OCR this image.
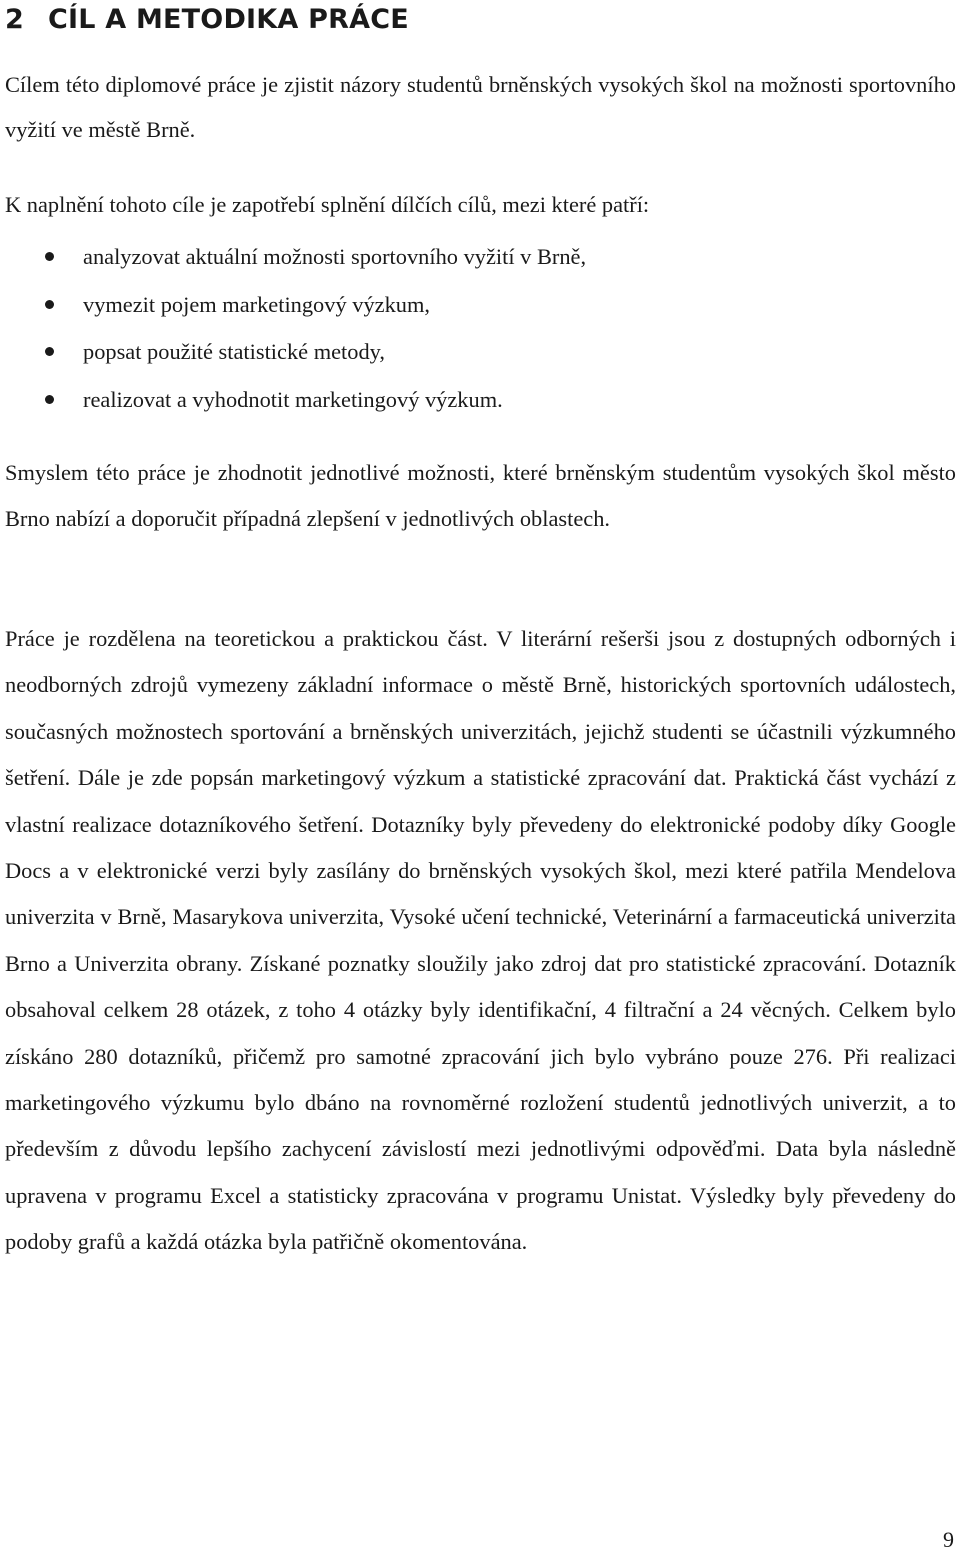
2 CÍL A METODIKA PRÁCE

Cílem této diplomové práce je zjistit názory studentů brněnských vysokých škol na možnosti sportovního vyžití ve městě Brně.

K naplnění tohoto cíle je zapotřebí splnění dílčích cílů, mezi které patří:

analyzovat aktuální možnosti sportovního vyžití v Brně,
vymezit pojem marketingový výzkum,
popsat použité statistické metody,
realizovat a vyhodnotit marketingový výzkum.

Smyslem této práce je zhodnotit jednotlivé možnosti, které brněnským studentům vysokých škol město Brno nabízí a doporučit případná zlepšení v jednotlivých oblastech.

Práce je rozdělena na teoretickou a praktickou část. V literární rešerši jsou z dostupných odborných i neodborných zdrojů vymezeny základní informace o městě Brně, historických sportovních událostech, současných možnostech sportování a brněnských univerzitách, jejichž studenti se účastnili výzkumného šetření. Dále je zde popsán marketingový výzkum a statistické zpracování dat. Praktická část vychází z vlastní realizace dotazníkového šetření. Dotazníky byly převedeny do elektronické podoby díky Google Docs a v elektronické verzi byly zasílány do brněnských vysokých škol, mezi které patřila Mendelova univerzita v Brně, Masarykova univerzita, Vysoké učení technické, Veterinární a farmaceutická univerzita Brno a Univerzita obrany. Získané poznatky sloužily jako zdroj dat pro statistické zpracování. Dotazník obsahoval celkem 28 otázek, z toho 4 otázky byly identifikační, 4 filtrační a 24 věcných. Celkem bylo získáno 280 dotazníků, přičemž pro samotné zpracování jich bylo vybráno pouze 276. Při realizaci marketingového výzkumu bylo dbáno na rovnoměrné rozložení studentů jednotlivých univerzit, a to především z důvodu lepšího zachycení závislostí mezi jednotlivými odpověďmi. Data byla následně upravena v programu Excel a statisticky zpracována v programu Unistat. Výsledky byly převedeny do podoby grafů a každá otázka byla patřičně okomentována.

9
